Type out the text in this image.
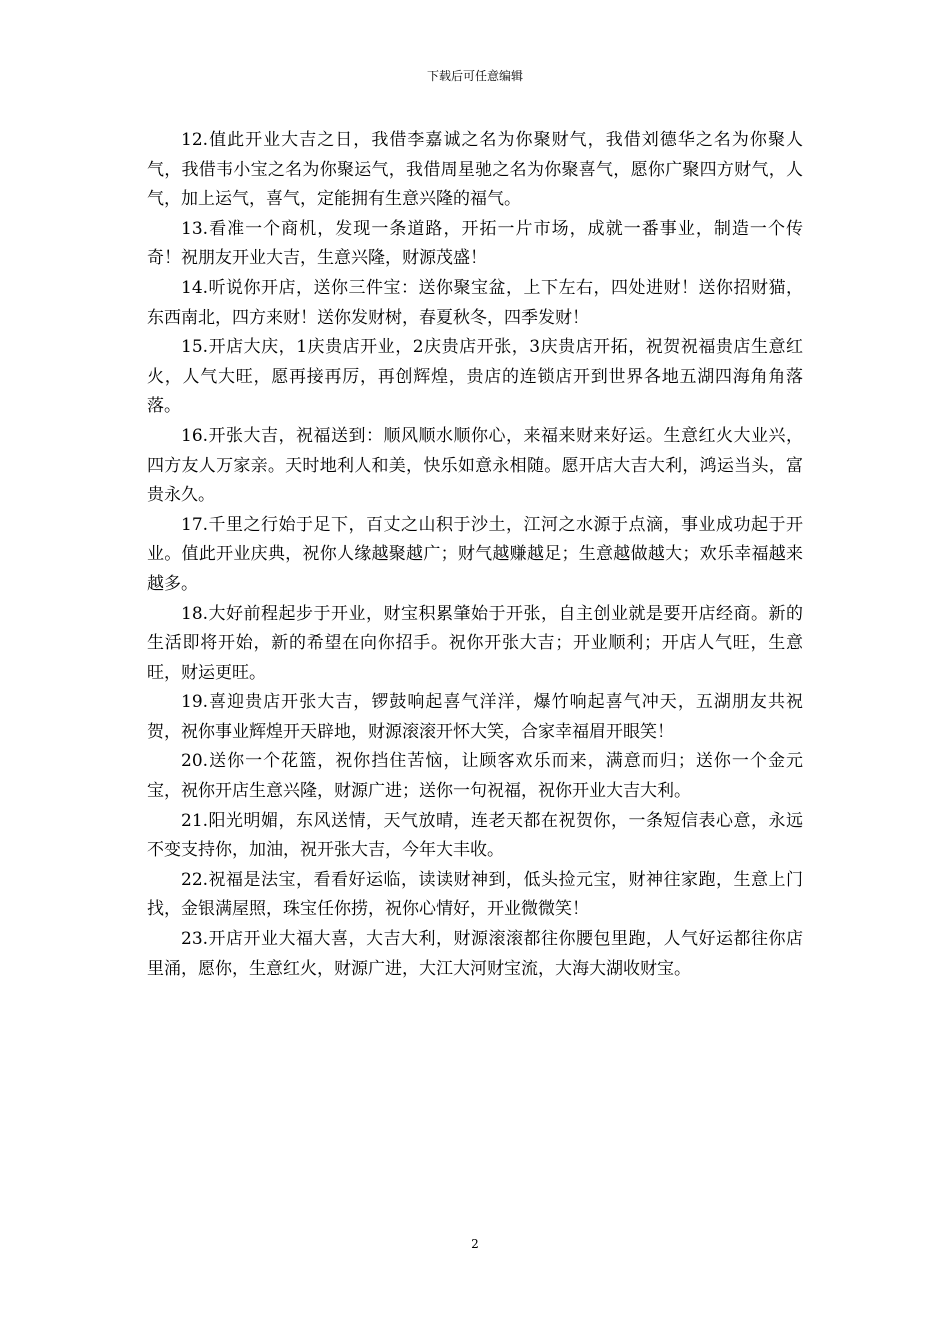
下载后可任意编辑

12.值此开业大吉之日，我借李嘉诚之名为你聚财气，我借刘德华之名为你聚人气，我借韦小宝之名为你聚运气，我借周星驰之名为你聚喜气，愿你广聚四方财气，人气，加上运气，喜气，定能拥有生意兴隆的福气。

13.看准一个商机，发现一条道路，开拓一片市场，成就一番事业，制造一个传奇！祝朋友开业大吉，生意兴隆，财源茂盛！

14.听说你开店，送你三件宝：送你聚宝盆，上下左右，四处进财！送你招财猫，东西南北，四方来财！送你发财树，春夏秋冬，四季发财！

15.开店大庆，1庆贵店开业，2庆贵店开张，3庆贵店开拓，祝贺祝福贵店生意红火，人气大旺，愿再接再厉，再创辉煌，贵店的连锁店开到世界各地五湖四海角角落落。

16.开张大吉，祝福送到：顺风顺水顺你心，来福来财来好运。生意红火大业兴，四方友人万家亲。天时地利人和美，快乐如意永相随。愿开店大吉大利，鸿运当头，富贵永久。

17.千里之行始于足下，百丈之山积于沙土，江河之水源于点滴，事业成功起于开业。值此开业庆典，祝你人缘越聚越广；财气越赚越足；生意越做越大；欢乐幸福越来越多。

18.大好前程起步于开业，财宝积累肇始于开张，自主创业就是要开店经商。新的生活即将开始，新的希望在向你招手。祝你开张大吉；开业顺利；开店人气旺，生意旺，财运更旺。

19.喜迎贵店开张大吉，锣鼓响起喜气洋洋，爆竹响起喜气冲天，五湖朋友共祝贺，祝你事业辉煌开天辟地，财源滚滚开怀大笑，合家幸福眉开眼笑！

20.送你一个花篮，祝你挡住苦恼，让顾客欢乐而来，满意而归；送你一个金元宝，祝你开店生意兴隆，财源广进；送你一句祝福，祝你开业大吉大利。

21.阳光明媚，东风送情，天气放晴，连老天都在祝贺你，一条短信表心意，永远不变支持你，加油，祝开张大吉，今年大丰收。

22.祝福是法宝，看看好运临，读读财神到，低头捡元宝，财神往家跑，生意上门找，金银满屋照，珠宝任你捞，祝你心情好，开业微微笑！

23.开店开业大福大喜，大吉大利，财源滚滚都往你腰包里跑，人气好运都往你店里涌，愿你，生意红火，财源广进，大江大河财宝流，大海大湖收财宝。

2
